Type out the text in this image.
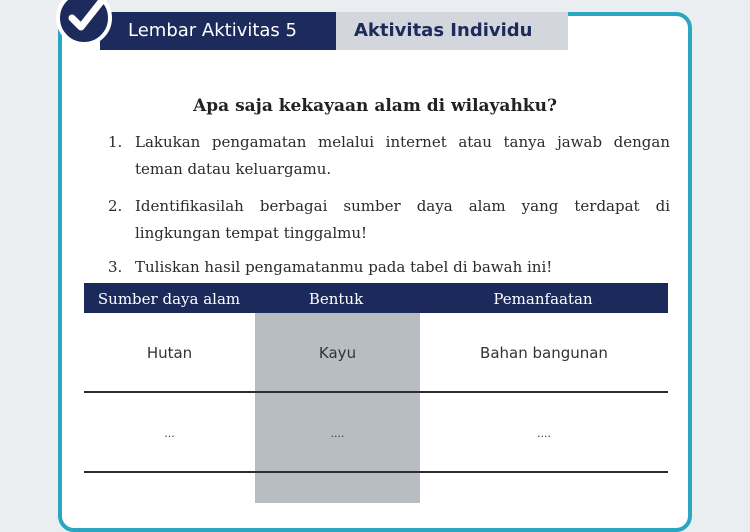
Lembar Aktivitas 5	Aktivitas Individu
Apa saja kekayaan alam di wilayahku?
1. Lakukan pengamatan melalui internet atau tanya jawab dengan teman datau keluargamu.
2. Identifikasilah berbagai sumber daya alam yang terdapat di lingkungan tempat tinggalmu!
3. Tuliskan hasil pengamatanmu pada tabel di bawah ini!
Sumber daya alam	Bentuk	Pemanfaatan
Hutan	Kayu	Bahan bangunan
...	....	....
